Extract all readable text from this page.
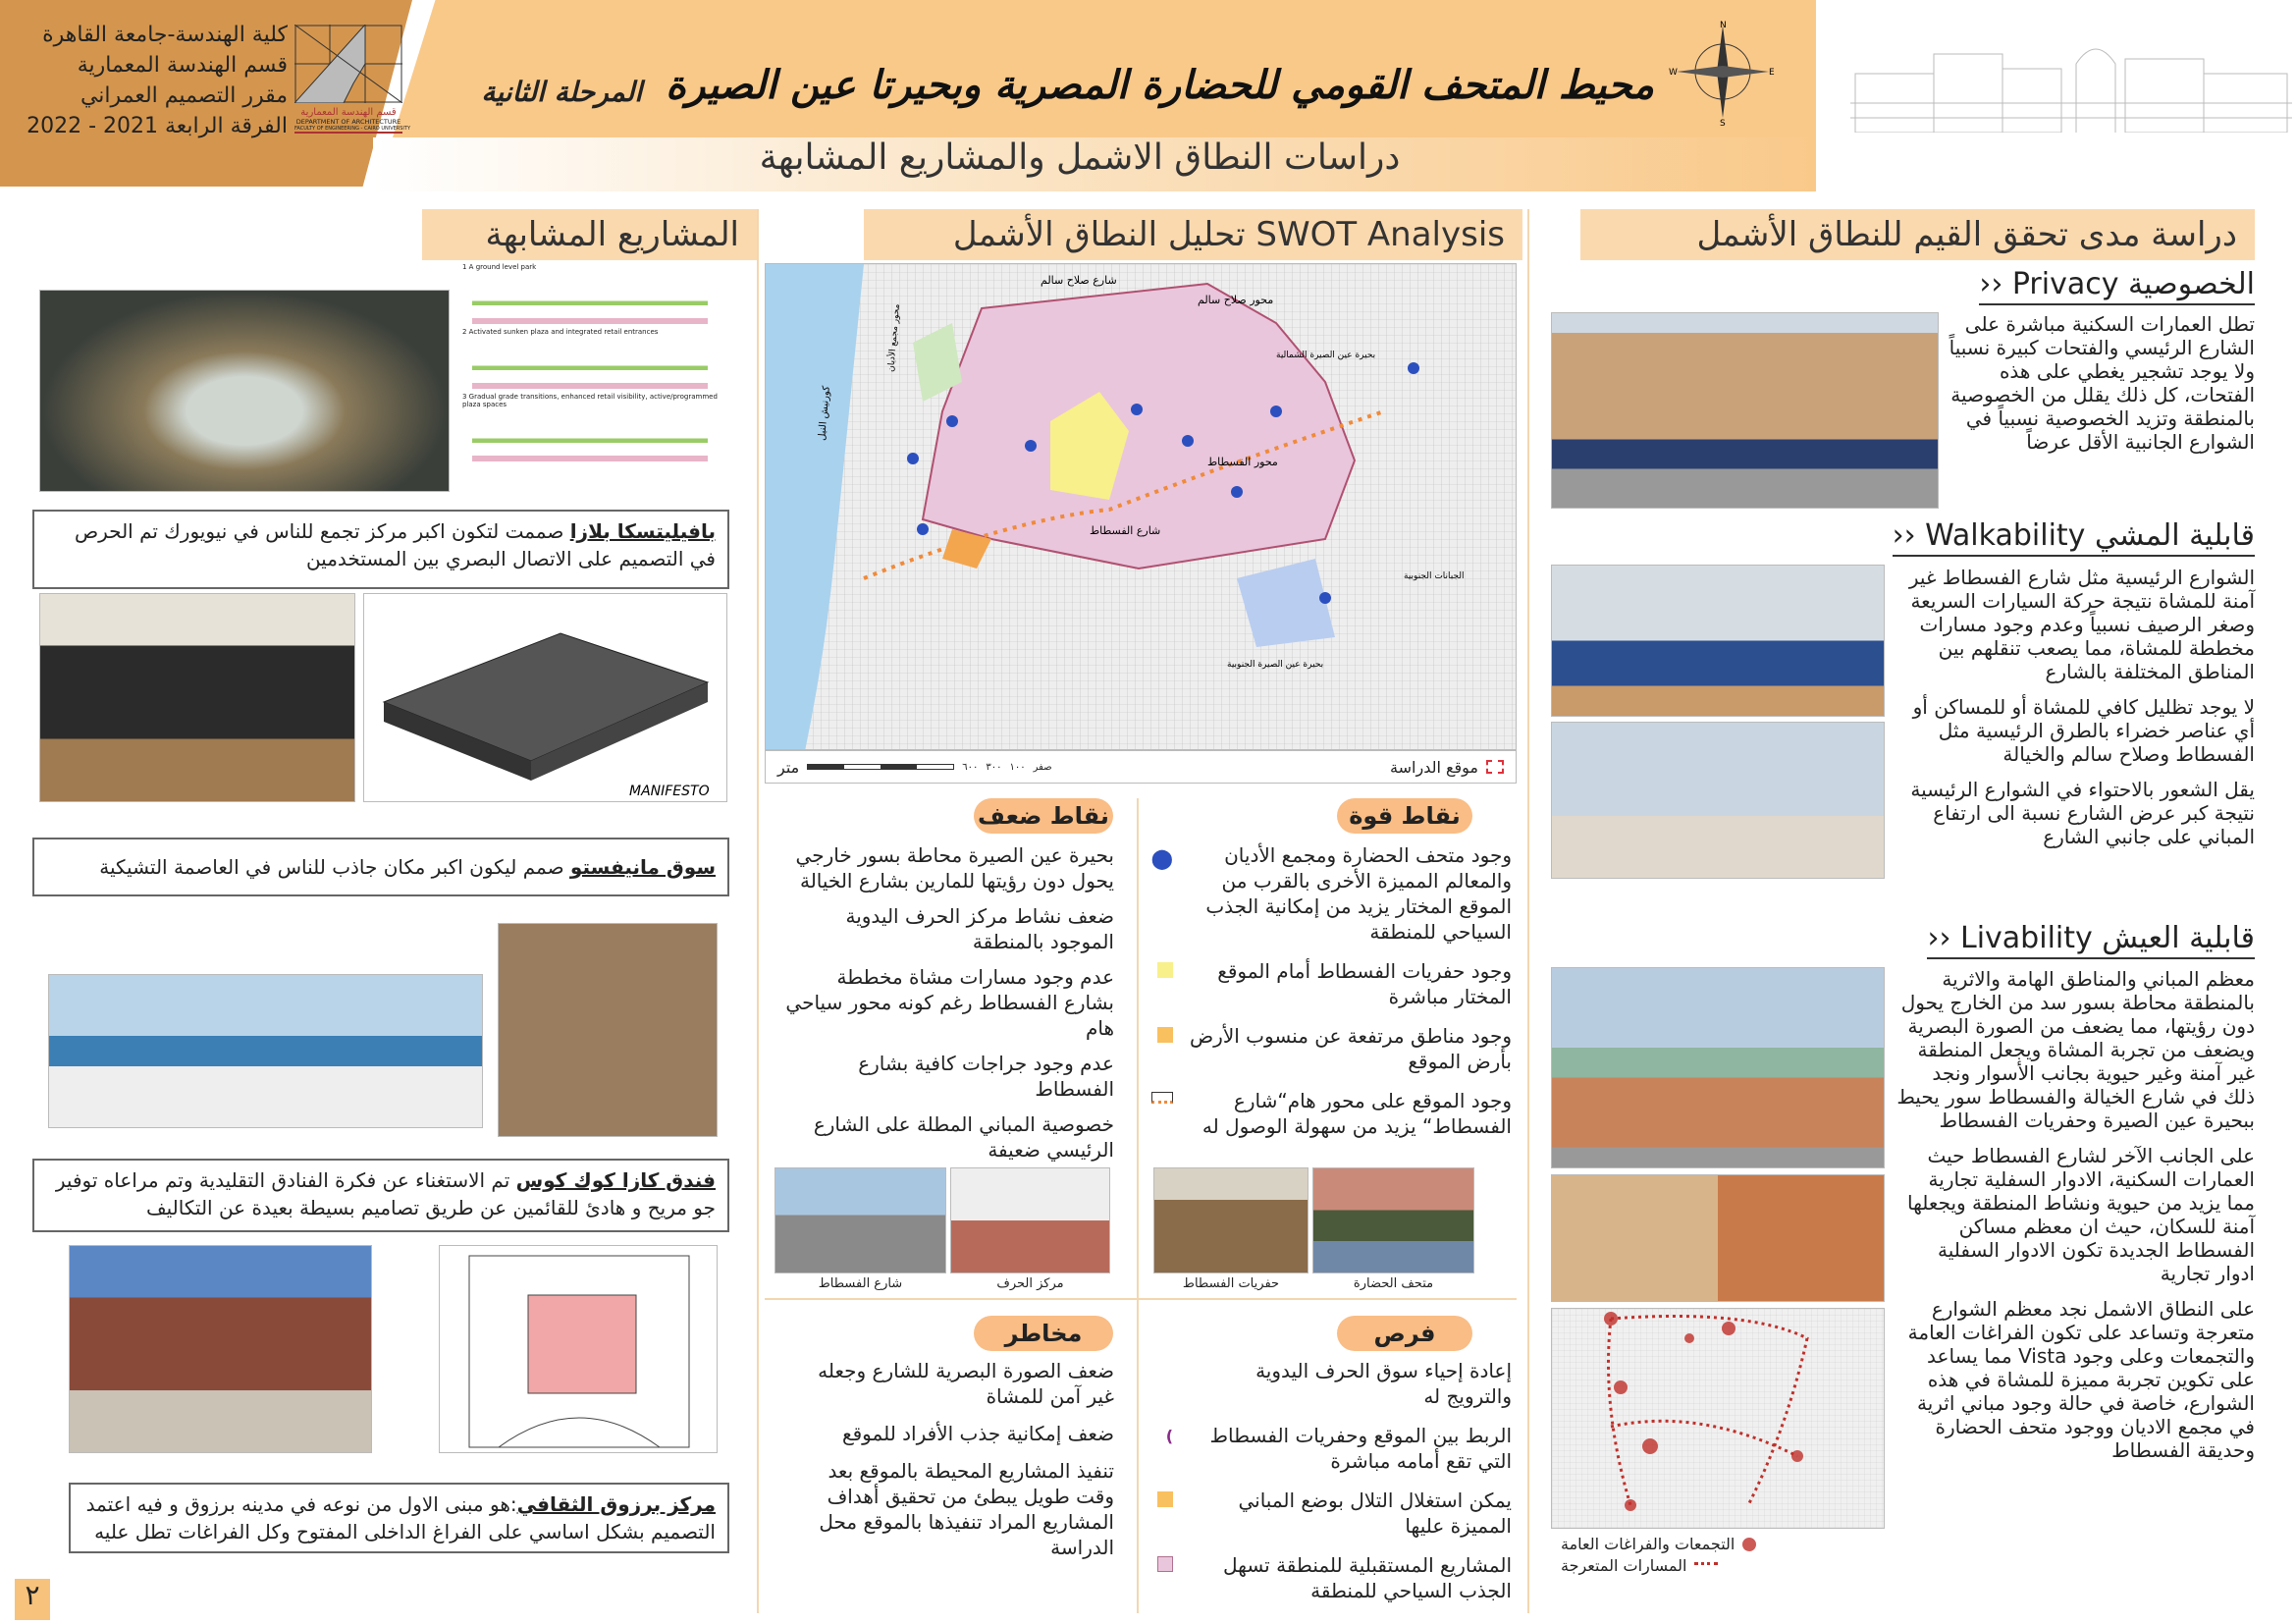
كلية الهندسة-جامعة القاهرة
قسم الهندسة المعمارية
مقرر التصميم العمراني
الفرقة الرابعة 2021 - 2022
قسم الهندسة المعمارية
DEPARTMENT OF ARCHITECTURE
FACULTY OF ENGINEERING - CAIRO UNIVERSITY
المرحلة الثانية محيط المتحف القومي للحضارة المصرية وبحيرتا عين الصيرة
N
S
E
W
دراسات النطاق الاشمل والمشاريع المشابهة
المشاريع المشابهة
1 A ground level park
2 Activated sunken plaza and integrated retail entrances
3 Gradual grade transitions, enhanced retail visibility, active/programmed plaza spaces
بافيليتسكا بلازا صممت لتكون اكبر مركز تجمع للناس في نيويورك تم الحرص في التصميم على الاتصال البصري بين المستخدمين
MANIFESTO
سوق مانيفستو صمم ليكون اكبر مكان جاذب للناس في العاصمة التشيكية
فندق كازا كوك كوس تم الاستغناء عن فكرة الفنادق التقليدية وتم مراعاه توفير جو مريح و هادئ للقائمين عن طريق تصاميم بسيطة بعيدة عن التكاليف
مركز برزوق الثقافي:هو مبنى الاول من نوعه في مدينه برزوق و فيه اعتمد التصميم بشكل اساسي على الفراغ الداخلى المفتوح وكل الفراغات تطل عليه
٢
SWOT Analysis تحليل النطاق الأشمل
محور صلاح سالم
شارع صلاح سالم
محور الفسطاط
شارع الفسطاط
كورنيش النيل
بحيرة عين الصيرة الشمالية
بحيرة عين الصيرة الجنوبية
الجبانات الجنوبية
محور مجمع الأديان
متر	٦٠٠ ٣٠٠ ١٠٠ صفر	موقع الدراسة
نقاط قوة
⬤	وجود متحف الحضارة ومجمع الأديان والمعالم المميزة الأخرى بالقرب من الموقع المختار يزيد من إمكانية الجذب السياحي للمنطقة
وجود حفريات الفسطاط أمام الموقع المختار مباشرة
وجود مناطق مرتفعة عن منسوب الأرض بأرض الموقع
وجود الموقع على محور هام“شارع الفسطاط“ يزيد من سهولة الوصول له
حفريات الفسطاط	متحف الحضارة
نقاط ضعف
بحيرة عين الصيرة محاطة بسور خارجي يحول دون رؤيتها للمارين بشارع الخيالة
ضعف نشاط مركز الحرف اليدوية الموجود بالمنطقة
عدم وجود مسارات مشاة مخططة بشارع الفسطاط رغم كونه محور سياحي هام
عدم وجود جراجات كافية بشارع الفسطاط
خصوصية المباني المطلة على الشارع الرئيسي ضعيفة
شارع الفسطاط	مركز الحرف
فرص
إعادة إحياء سوق الحرف اليدوية والترويج له
)	الربط بين الموقع وحفريات الفسطاط التي تقع أمامه مباشرة
يمكن استغلال التلال بوضع المباني المميزة عليها
المشاريع المستقبلية للمنطقة تسهل الجذب السياحي للمنطقة
مخاطر
ضعف الصورة البصرية للشارع وجعله غير آمن للمشاة
ضعف إمكانية جذب الأفراد للموقع
تنفيذ المشاريع المحيطة بالموقع بعد وقت طويل يبطئ من تحقيق أهداف المشاريع المراد تنفيذها بالموقع محل الدراسة
دراسة مدى تحقق القيم للنطاق الأشمل
الخصوصية Privacy ‹‹
تطل العمارات السكنية مباشرة على الشارع الرئيسي والفتحات كبيرة نسبياً ولا يوجد تشجير يغطي على هذه الفتحات، كل ذلك يقلل من الخصوصية بالمنطقة وتزيد الخصوصية نسبياً في الشوارع الجانبية الأقل عرضاً
قابلية المشي Walkability ‹‹
الشوارع الرئيسية مثل شارع الفسطاط غير آمنة للمشاة نتيجة حركة السيارات السريعة وصغر الرصيف نسبياً وعدم وجود مسارات مخططة للمشاة، مما يصعب تنقلهم بين المناطق المختلفة بالشارع
لا يوجد تظليل كافي للمشاة أو للمساكن أو أي عناصر خضراء بالطرق الرئيسية مثل الفسطاط وصلاح سالم والخيالة
يقل الشعور بالاحتواء في الشوارع الرئيسية نتيجة كبر عرض الشارع نسبة الى ارتفاع المباني على جانبي الشارع
قابلية العيش Livability ‹‹
التجمعات والفراغات العامة
المسارات المتعرجة
معظم المباني والمناطق الهامة والاثرية بالمنطقة محاطة بسور سد من الخارج يحول دون رؤيتها، مما يضعف من الصورة البصرية ويضعف من تجربة المشاة ويجعل المنطقة غير آمنة وغير حيوية بجانب الأسوار ونجد ذلك في شارع الخيالة والفسطاط سور يحيط ببحيرة عين الصيرة وحفريات الفسطاط
على الجانب الآخر لشارع الفسطاط حيث العمارات السكنية، الادوار السفلية تجارية مما يزيد من حيوية ونشاط المنطقة ويجعلها آمنة للسكان، حيث ان معظم مساكن الفسطاط الجديدة تكون الادوار السفلية ادوار تجارية
على النطاق الاشمل نجد معظم الشوارع متعرجة وتساعد على تكون الفراغات العامة والتجمعات وعلى وجود Vista مما يساعد على تكوين تجربة مميزة للمشاة في هذه الشوارع، خاصة في حالة وجود مباني اثرية في مجمع الاديان ووجود متحف الحضارة وحديقة الفسطاط
